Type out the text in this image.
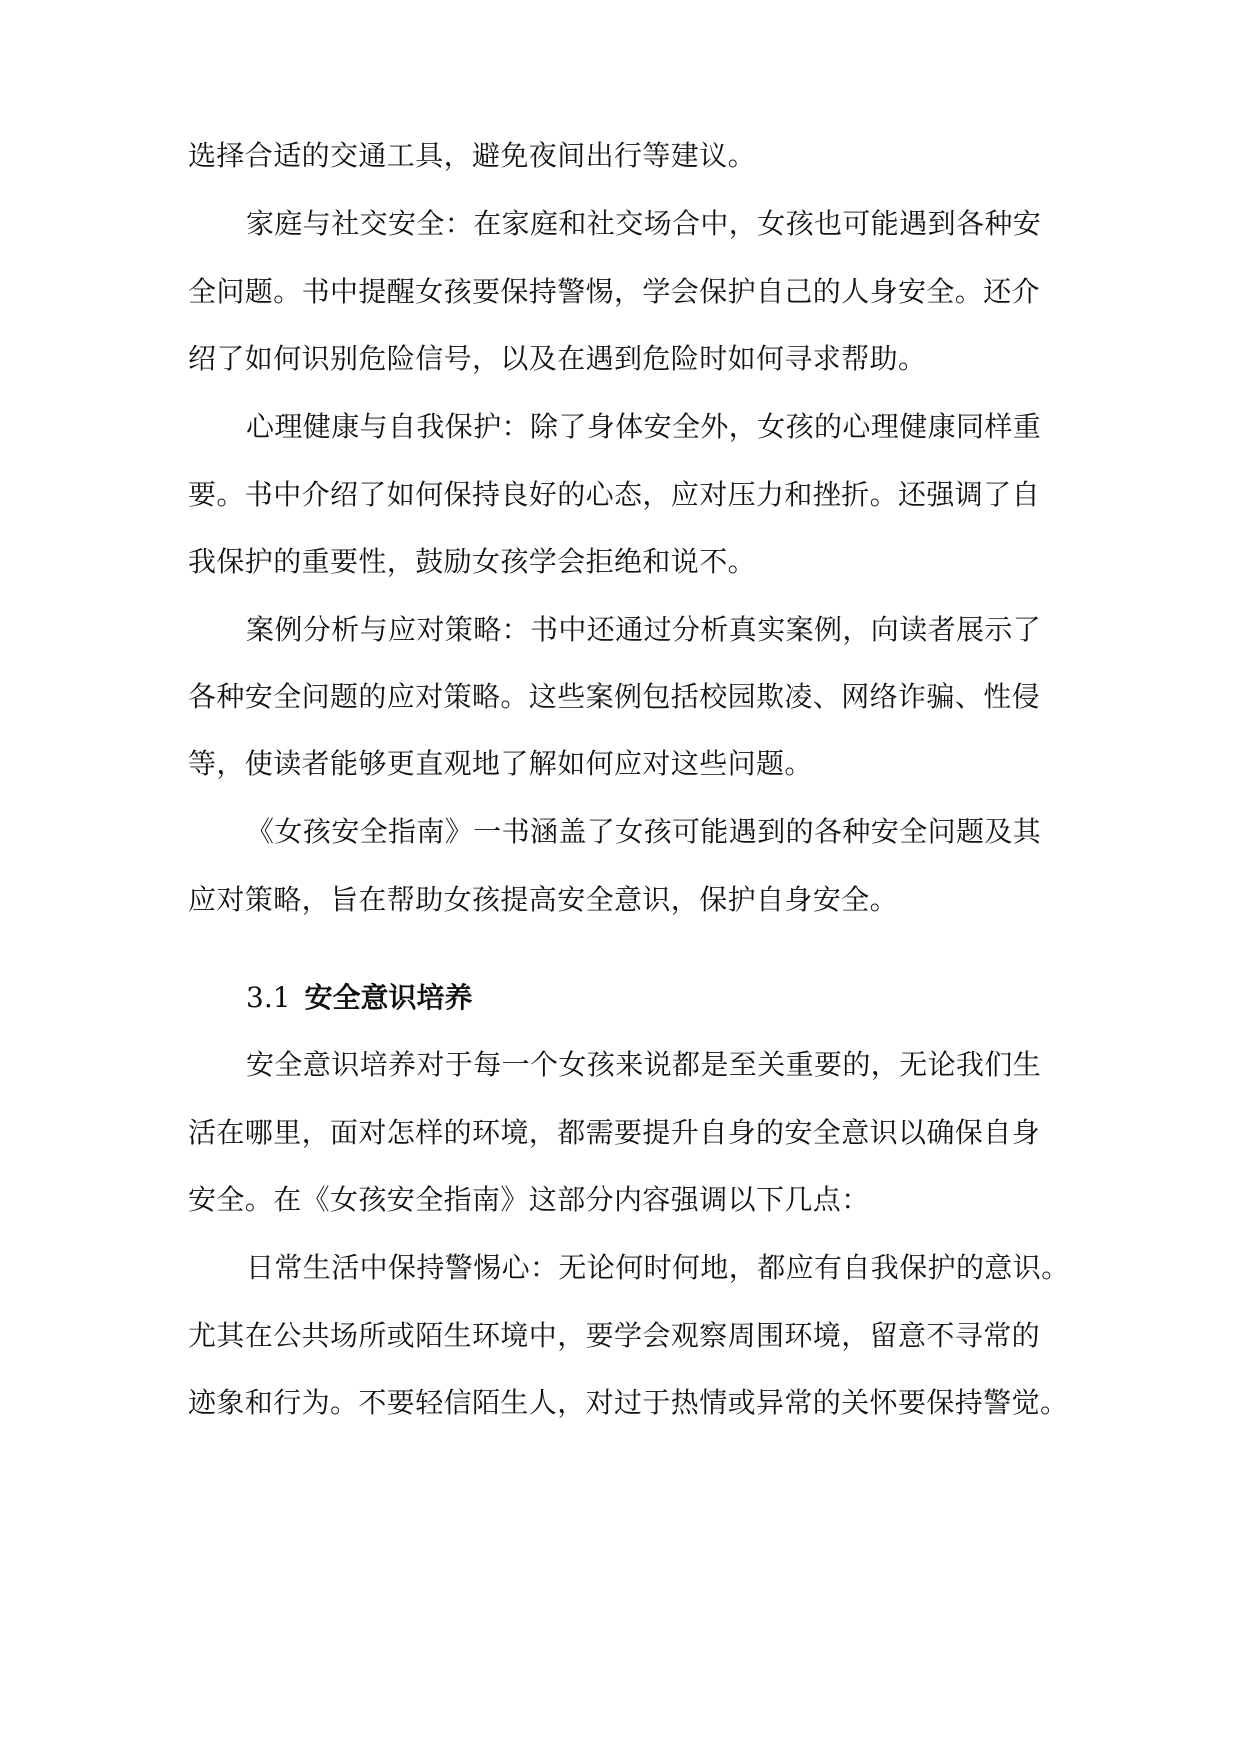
选择合适的交通工具，避免夜间出行等建议。
家庭与社交安全：在家庭和社交场合中，女孩也可能遇到各种安
全问题。书中提醒女孩要保持警惕，学会保护自己的人身安全。还介
绍了如何识别危险信号，以及在遇到危险时如何寻求帮助。
心理健康与自我保护：除了身体安全外，女孩的心理健康同样重
要。书中介绍了如何保持良好的心态，应对压力和挫折。还强调了自
我保护的重要性，鼓励女孩学会拒绝和说不。
案例分析与应对策略：书中还通过分析真实案例，向读者展示了
各种安全问题的应对策略。这些案例包括校园欺凌、网络诈骗、性侵
等，使读者能够更直观地了解如何应对这些问题。
《女孩安全指南》一书涵盖了女孩可能遇到的各种安全问题及其
应对策略，旨在帮助女孩提高安全意识，保护自身安全。
3.1 安全意识培养
安全意识培养对于每一个女孩来说都是至关重要的，无论我们生
活在哪里，面对怎样的环境，都需要提升自身的安全意识以确保自身
安全。在《女孩安全指南》这部分内容强调以下几点：
日常生活中保持警惕心：无论何时何地，都应有自我保护的意识。
尤其在公共场所或陌生环境中，要学会观察周围环境，留意不寻常的
迹象和行为。不要轻信陌生人，对过于热情或异常的关怀要保持警觉。
